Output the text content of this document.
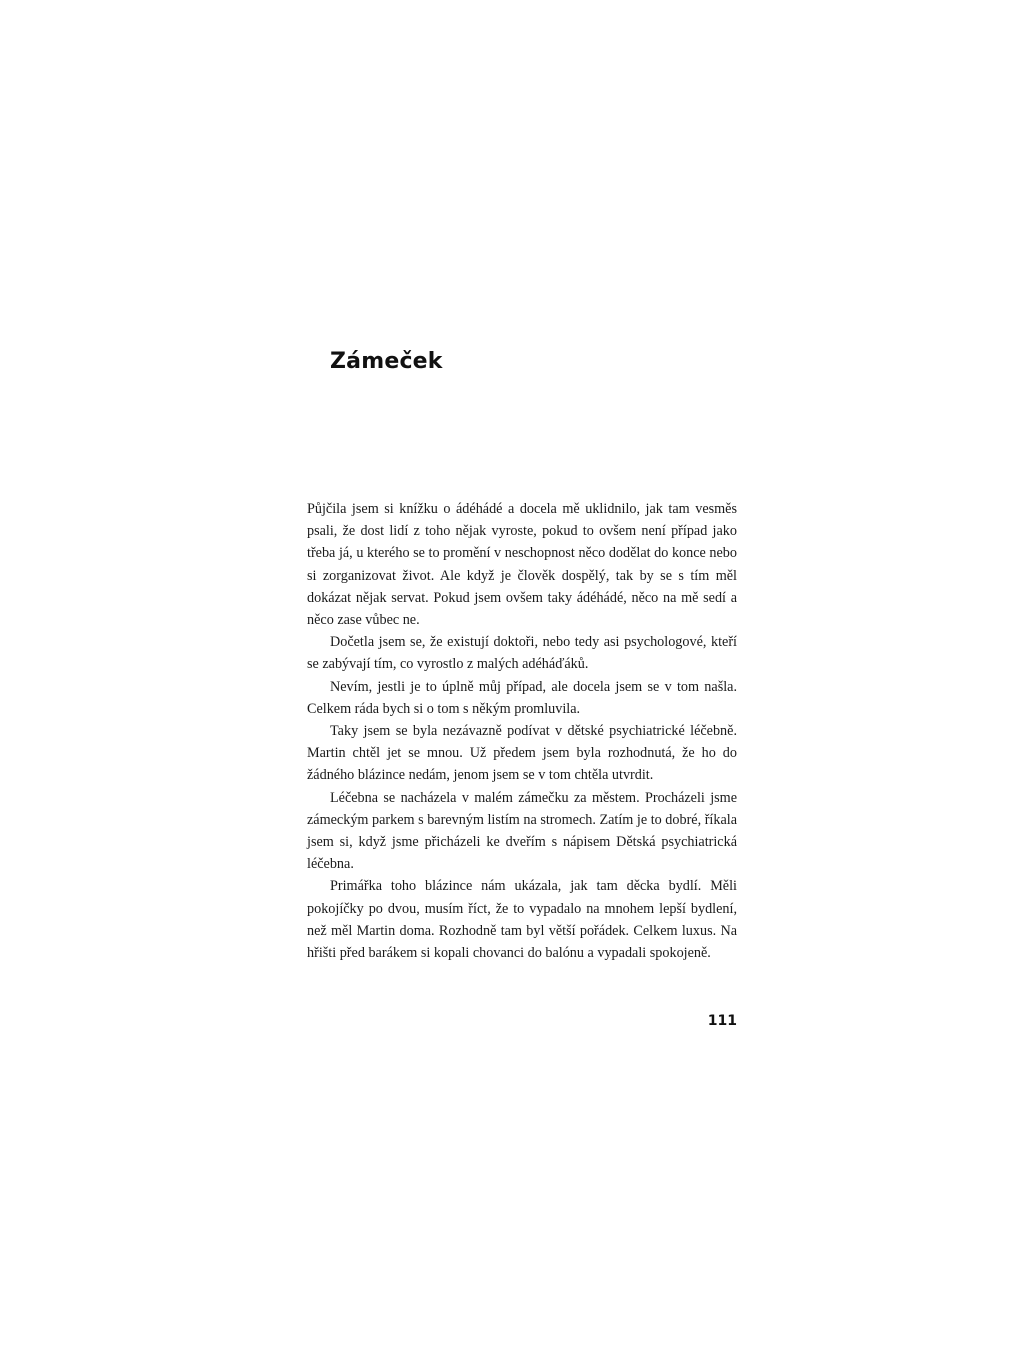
Zámeček

Půjčila jsem si knížku o ádéhádé a docela mě uklidnilo, jak tam vesměs psali, že dost lidí z toho nějak vyroste, pokud to ovšem není případ jako třeba já, u kterého se to promění v neschopnost něco dodělat do konce nebo si zorganizovat život. Ale když je člověk dospělý, tak by se s tím měl dokázat nějak servat. Pokud jsem ovšem taky ádéhádé, něco na mě sedí a něco zase vůbec ne.

Dočetla jsem se, že existují doktoři, nebo tedy asi psychologové, kteří se zabývají tím, co vyrostlo z malých adéháďáků.

Nevím, jestli je to úplně můj případ, ale docela jsem se v tom našla. Celkem ráda bych si o tom s někým promluvila.

Taky jsem se byla nezávazně podívat v dětské psychiatrické léčebně. Martin chtěl jet se mnou. Už předem jsem byla rozhodnutá, že ho do žádného blázince nedám, jenom jsem se v tom chtěla utvrdit.

Léčebna se nacházela v malém zámečku za městem. Procházeli jsme zámeckým parkem s barevným listím na stromech. Zatím je to dobré, říkala jsem si, když jsme přicházeli ke dveřím s nápisem Dětská psychiatrická léčebna.

Primářka toho blázince nám ukázala, jak tam děcka bydlí. Měli pokojíčky po dvou, musím říct, že to vypadalo na mnohem lepší bydlení, než měl Martin doma. Rozhodně tam byl větší pořádek. Celkem luxus. Na hřišti před barákem si kopali chovanci do balónu a vypadali spokojeně.

111
